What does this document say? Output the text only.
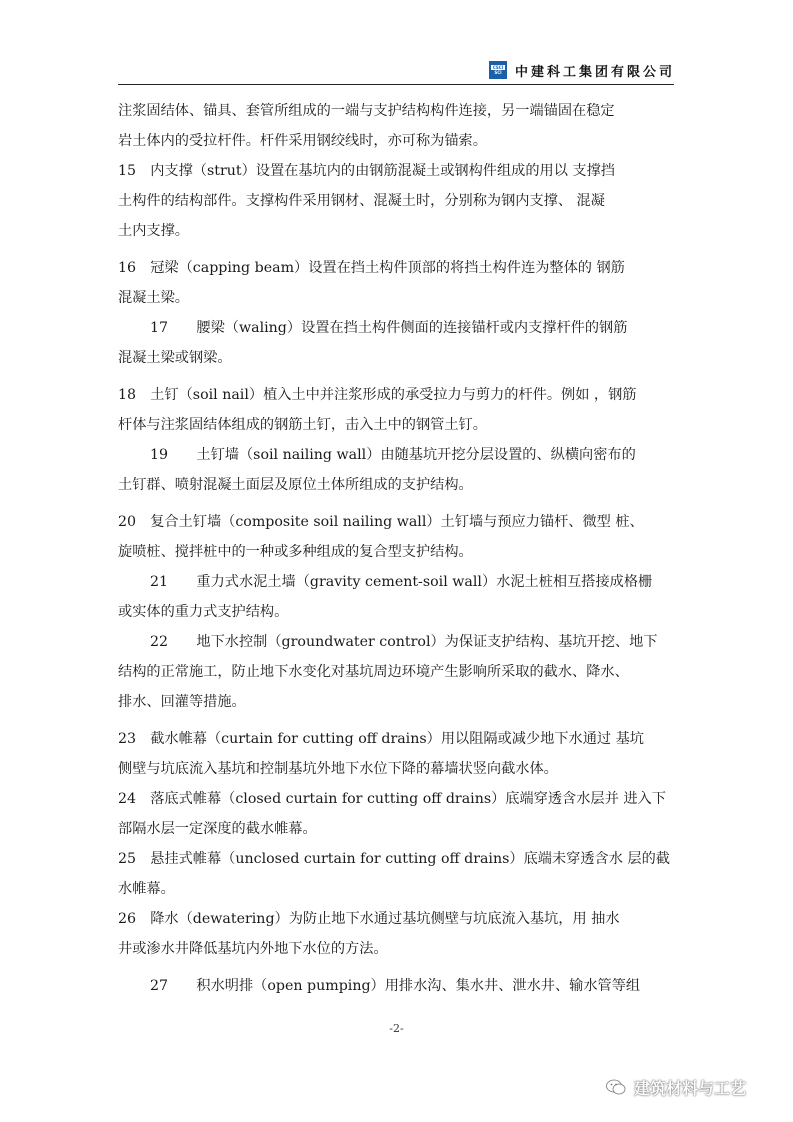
CSCI
SCI 中建科工集团有限公司
注浆固结体、锚具、套管所组成的一端与支护结构构件连接，另一端锚固在稳定
岩土体内的受拉杆件。杆件采用钢绞线时，亦可称为锚索。
15　内支撑（strut）设置在基坑内的由钢筋混凝土或钢构件组成的用以 支撑挡
土构件的结构部件。支撑构件采用钢材、混凝土时，分别称为钢内支撑、 混凝
土内支撑。
16　冠梁（capping beam）设置在挡土构件顶部的将挡土构件连为整体的 钢筋
混凝土梁。
17　　腰梁（waling）设置在挡土构件侧面的连接锚杆或内支撑杆件的钢筋
混凝土梁或钢梁。
18　土钉（soil nail）植入土中并注浆形成的承受拉力与剪力的杆件。例如 ，钢筋
杆体与注浆固结体组成的钢筋土钉，击入土中的钢管土钉。
19　　土钉墙（soil nailing wall）由随基坑开挖分层设置的、纵横向密布的
土钉群、喷射混凝土面层及原位土体所组成的支护结构。
20　复合土钉墙（composite soil nailing wall）土钉墙与预应力锚杆、微型 桩、
旋喷桩、搅拌桩中的一种或多种组成的复合型支护结构。
21　　重力式水泥土墙（gravity cement-soil wall）水泥土桩相互搭接成格栅
或实体的重力式支护结构。
22　　地下水控制（groundwater control）为保证支护结构、基坑开挖、地下
结构的正常施工，防止地下水变化对基坑周边环境产生影响所采取的截水、降水、
排水、回灌等措施。
23　截水帷幕（curtain for cutting off drains）用以阻隔或减少地下水通过 基坑
侧壁与坑底流入基坑和控制基坑外地下水位下降的幕墙状竖向截水体。
24　落底式帷幕（closed curtain for cutting off drains）底端穿透含水层并 进入下
部隔水层一定深度的截水帷幕。
25　悬挂式帷幕（unclosed curtain for cutting off drains）底端未穿透含水 层的截
水帷幕。
26　降水（dewatering）为防止地下水通过基坑侧壁与坑底流入基坑，用 抽水
井或渗水井降低基坑内外地下水位的方法。
27　　积水明排（open pumping）用排水沟、集水井、泄水井、输水管等组
-2-
建筑材料与工艺
